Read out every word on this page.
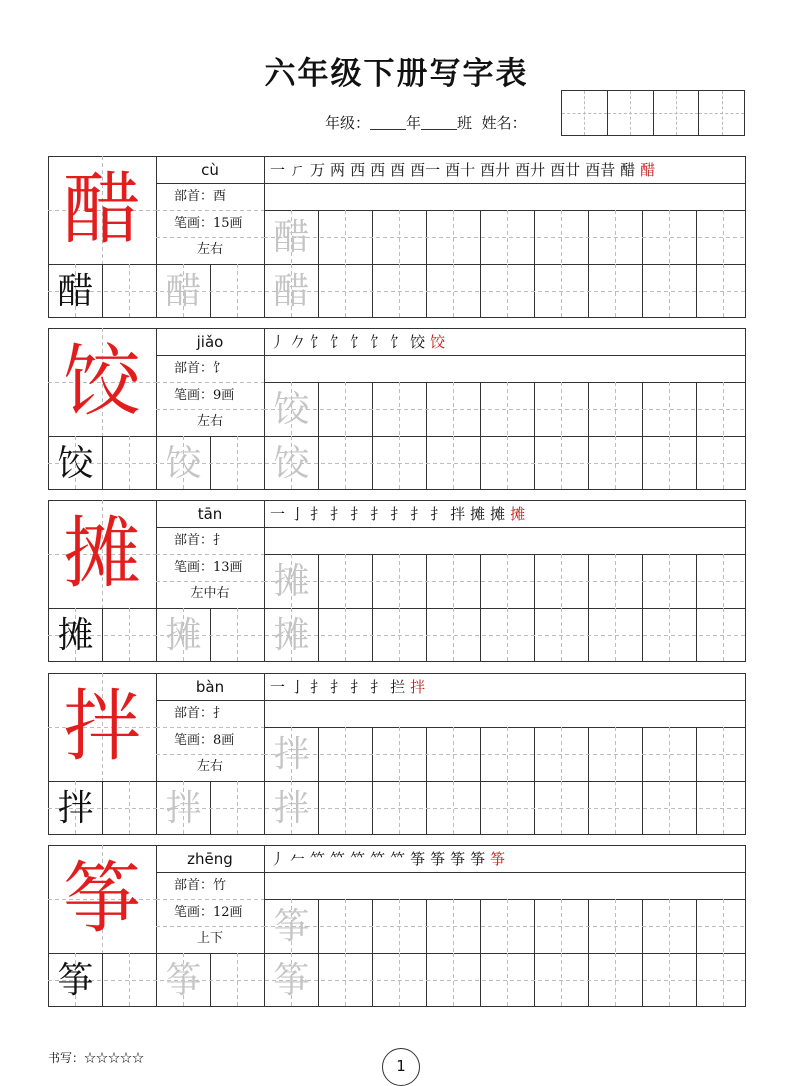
六年级下册写字表
年级： 年 班 姓名：
醋	cù
部首：酉
笔画：15画
左右
一 ㄏ 万 两 西 西 酉 酉一 酉十 酉廾 酉廾 酉廿 酉昔 醋 醋
醋
醋 醋 醋
饺	jiǎo
部首：饣
笔画：9画
左右
丿 𠂊 饣 饣 饣 饣 饣 饺 饺
饺
饺 饺 饺
摊	tān
部首：扌
笔画：13画
左中右
一 亅 扌 扌 扌 扌 扌 扌 扌 拌 摊 摊 摊
摊
摊 摊 摊
拌	bàn
部首：扌
笔画：8画
左右
一 亅 扌 扌 扌 扌 拦 拌
拌
拌 拌 拌
筝	zhēng
部首：竹
笔画：12画
上下
丿 𠂉 𥫗 𥫗 𥫗 𥫗 𥫗 筝 筝 筝 筝 筝
筝
筝 筝 筝
书写：☆☆☆☆☆	1
